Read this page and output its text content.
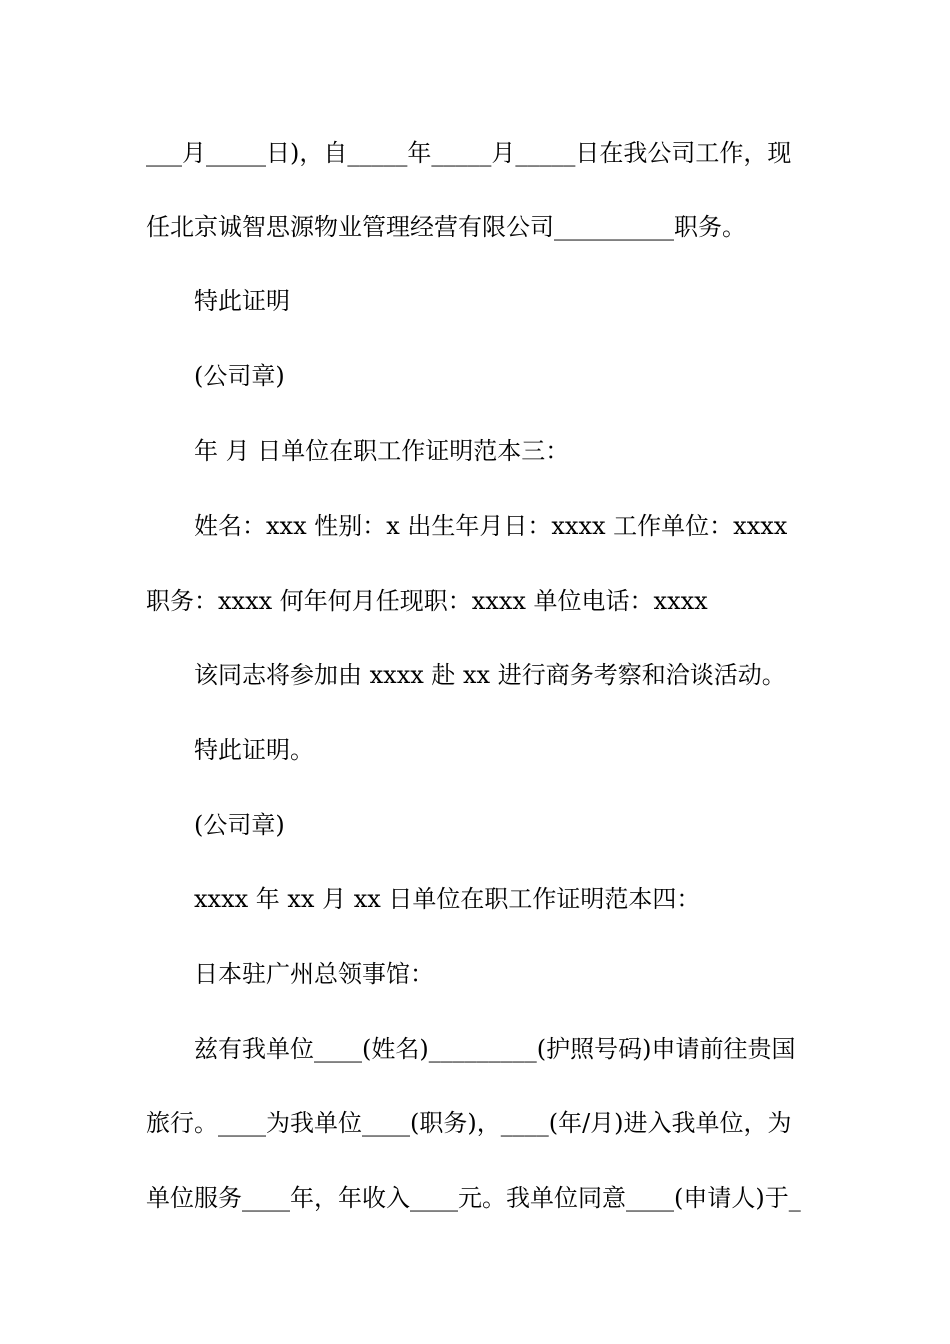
___月_____日)，自_____年_____月_____日在我公司工作，现
任北京诚智思源物业管理经营有限公司__________职务。
特此证明
(公司章)
年 月 日单位在职工作证明范本三：
姓名：xxx 性别：x 出生年月日：xxxx 工作单位：xxxx
职务：xxxx 何年何月任现职：xxxx 单位电话：xxxx
该同志将参加由 xxxx 赴 xx 进行商务考察和洽谈活动。
特此证明。
(公司章)
xxxx 年 xx 月 xx 日单位在职工作证明范本四：
日本驻广州总领事馆：
兹有我单位____(姓名)_________(护照号码)申请前往贵国
旅行。____为我单位____(职务)，____(年/月)进入我单位，为
单位服务____年，年收入____元。我单位同意____(申请人)于_
